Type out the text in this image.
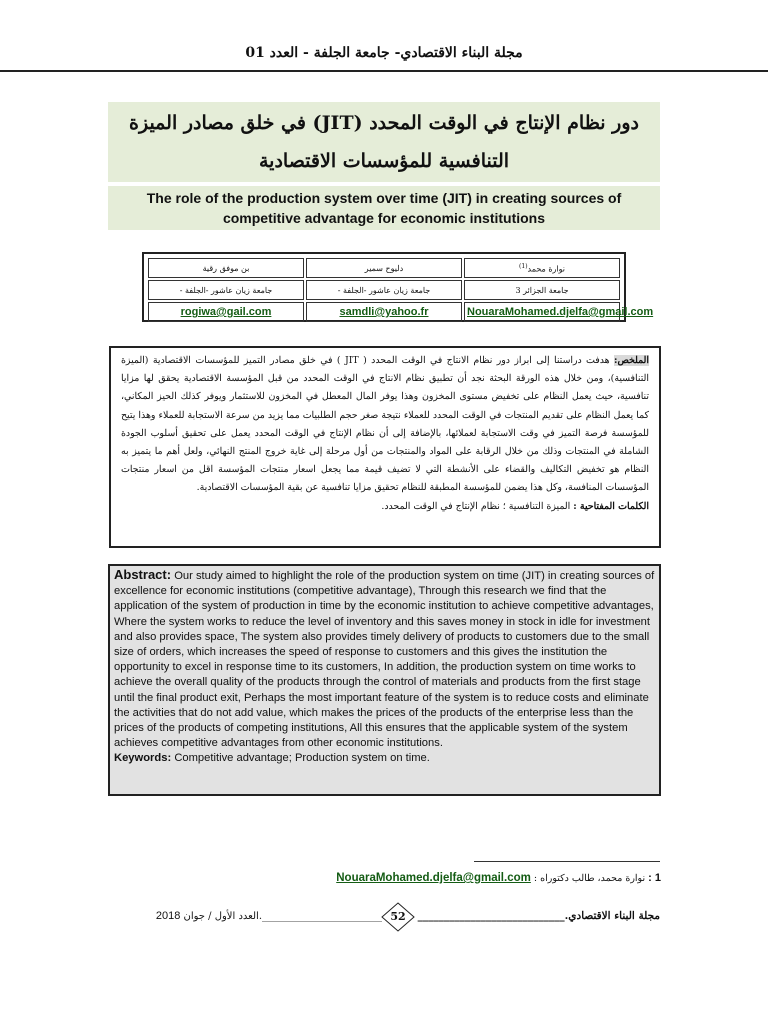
مجلة البناء الاقتصادي- جامعة الجلفة - العدد 01
دور نظام الإنتاج في الوقت المحدد (JIT) في خلق مصادر الميزة التنافسية للمؤسسات الاقتصادية
The role of the production system over time (JIT) in creating sources of competitive advantage for economic institutions
بن موفق رقية	دليوح سمير	نوارة محمد$^{(1)}$
جامعة زيان عاشور -الجلفة -	جامعة زيان عاشور -الجلفة -	جامعة الجزائر 3
rogiwa@gail.com	samdli@yahoo.fr	NouaraMohamed.djelfa@gmail.com
الملخص: هدفت دراستنا إلى ابراز دور نظام الانتاج في الوقت المحدد ( JIT ) في خلق مصادر التميز للمؤسسات الاقتصادية (الميزة التنافسية)، ومن خلال هذه الورقة البحثة نجد أن تطبيق نظام الانتاج في الوقت المحدد من قبل المؤسسة الاقتصادية يحقق لها مزايا تنافسية، حيث يعمل النظام على تخفيض مستوى المخزون وهذا يوفر المال المعطل في المخزون للاستثمار ويوفر كذلك الحيز المكاني، كما يعمل النظام على تقديم المنتجات في الوقت المحدد للعملاء نتيجة صغر حجم الطلبيات مما يزيد من سرعة الاستجابة للعملاء وهذا يتيح للمؤسسة فرصة التميز في وقت الاستجابة لعملائها، بالإضافة إلى أن نظام الإنتاج في الوقت المحدد يعمل على تحقيق أسلوب الجودة الشاملة في المنتجات وذلك من خلال الرقابة على المواد والمنتجات من أول مرحلة إلى غاية خروج المنتج النهائي، ولعل أهم ما يتميز به النظام هو تخفيض التكاليف والقضاء على الأنشطة التي لا تضيف قيمة مما يجعل اسعار منتجات المؤسسة اقل من اسعار منتجات المؤسسات المنافسة، وكل هذا يضمن للمؤسسة المطبقة للنظام تحقيق مزايا تنافسية عن بقية المؤسسات الاقتصادية.
الكلمات المفتاحية : الميزة التنافسية ؛ نظام الإنتاج في الوقت المحدد.
Abstract: Our study aimed to highlight the role of the production system on time (JIT) in creating sources of excellence for economic institutions (competitive advantage), Through this research we find that the application of the system of production in time by the economic institution to achieve competitive advantages, Where the system works to reduce the level of inventory and this saves money in stock in idle for investment and also provides space, The system also provides timely delivery of products to customers due to the small size of orders, which increases the speed of response to customers and this gives the institution the opportunity to excel in response time to its customers, In addition, the production system on time works to achieve the overall quality of the products through the control of materials and products from the first stage until the final product exit, Perhaps the most important feature of the system is to reduce costs and eliminate the activities that do not add value, which makes the prices of the products of the enterprise less than the prices of the products of competing institutions, All this ensures that the applicable system of the system achieves competitive advantages from other economic institutions.
Keywords: Competitive advantage; Production system on time.
1 : نوارة محمد، طالب دكتوراه : NouaraMohamed.djelfa@gmail.com
مجلة البناء الاقتصادي.____________________________
52
________________________.العدد الأول / جوان 2018
